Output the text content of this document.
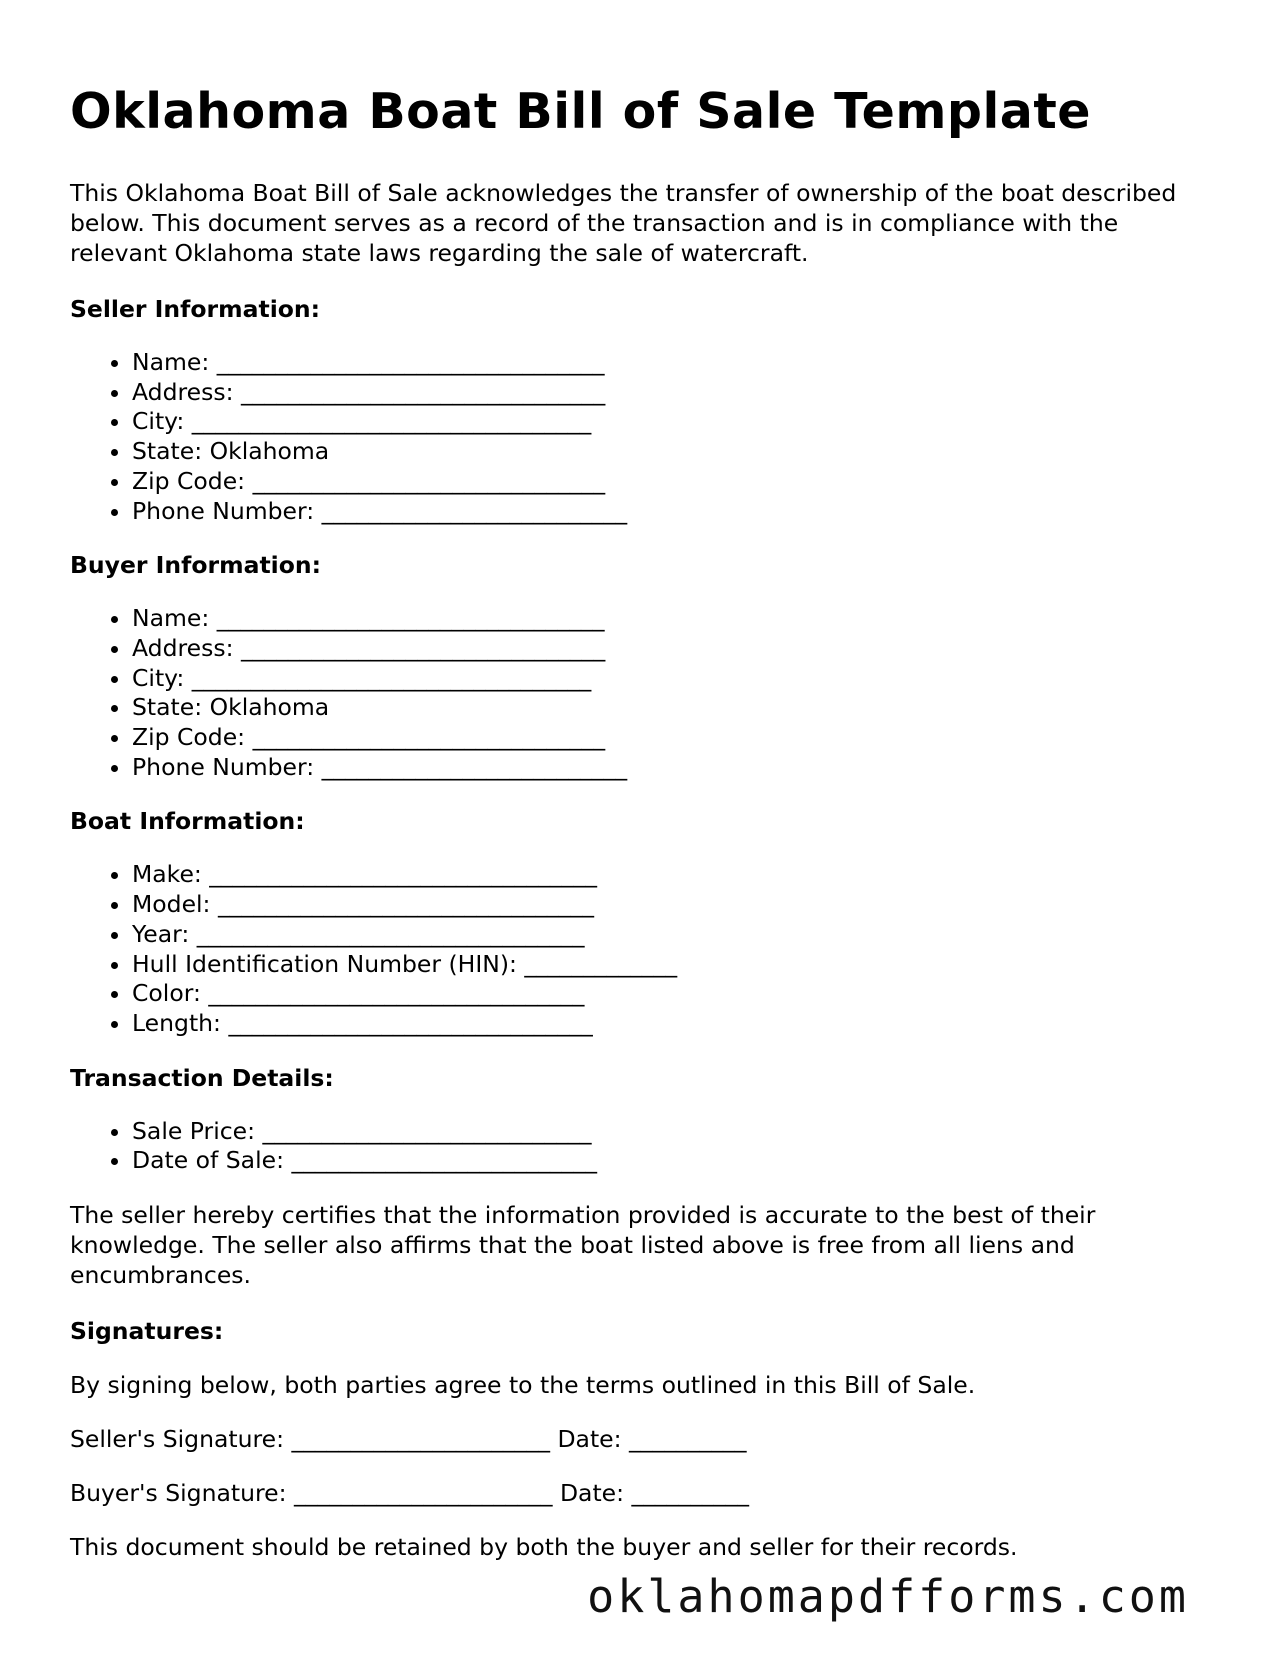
Oklahoma Boat Bill of Sale Template

This Oklahoma Boat Bill of Sale acknowledges the transfer of ownership of the boat described below. This document serves as a record of the transaction and is in compliance with the relevant Oklahoma state laws regarding the sale of watercraft.

Seller Information:
• Name: _________________________________
• Address: _______________________________
• City: __________________________________
• State: Oklahoma
• Zip Code: ______________________________
• Phone Number: __________________________
Buyer Information:
• Name: _________________________________
• Address: _______________________________
• City: __________________________________
• State: Oklahoma
• Zip Code: ______________________________
• Phone Number: __________________________
Boat Information:
• Make: _________________________________
• Model: ________________________________
• Year: _________________________________
• Hull Identification Number (HIN): _____________
• Color: ________________________________
• Length: _______________________________
Transaction Details:
• Sale Price: ____________________________
• Date of Sale: __________________________

The seller hereby certifies that the information provided is accurate to the best of their knowledge. The seller also affirms that the boat listed above is free from all liens and encumbrances.

Signatures:

By signing below, both parties agree to the terms outlined in this Bill of Sale.

Seller's Signature: ______________________ Date: __________

Buyer's Signature: ______________________ Date: __________

This document should be retained by both the buyer and seller for their records.

oklahomapdfforms.com
